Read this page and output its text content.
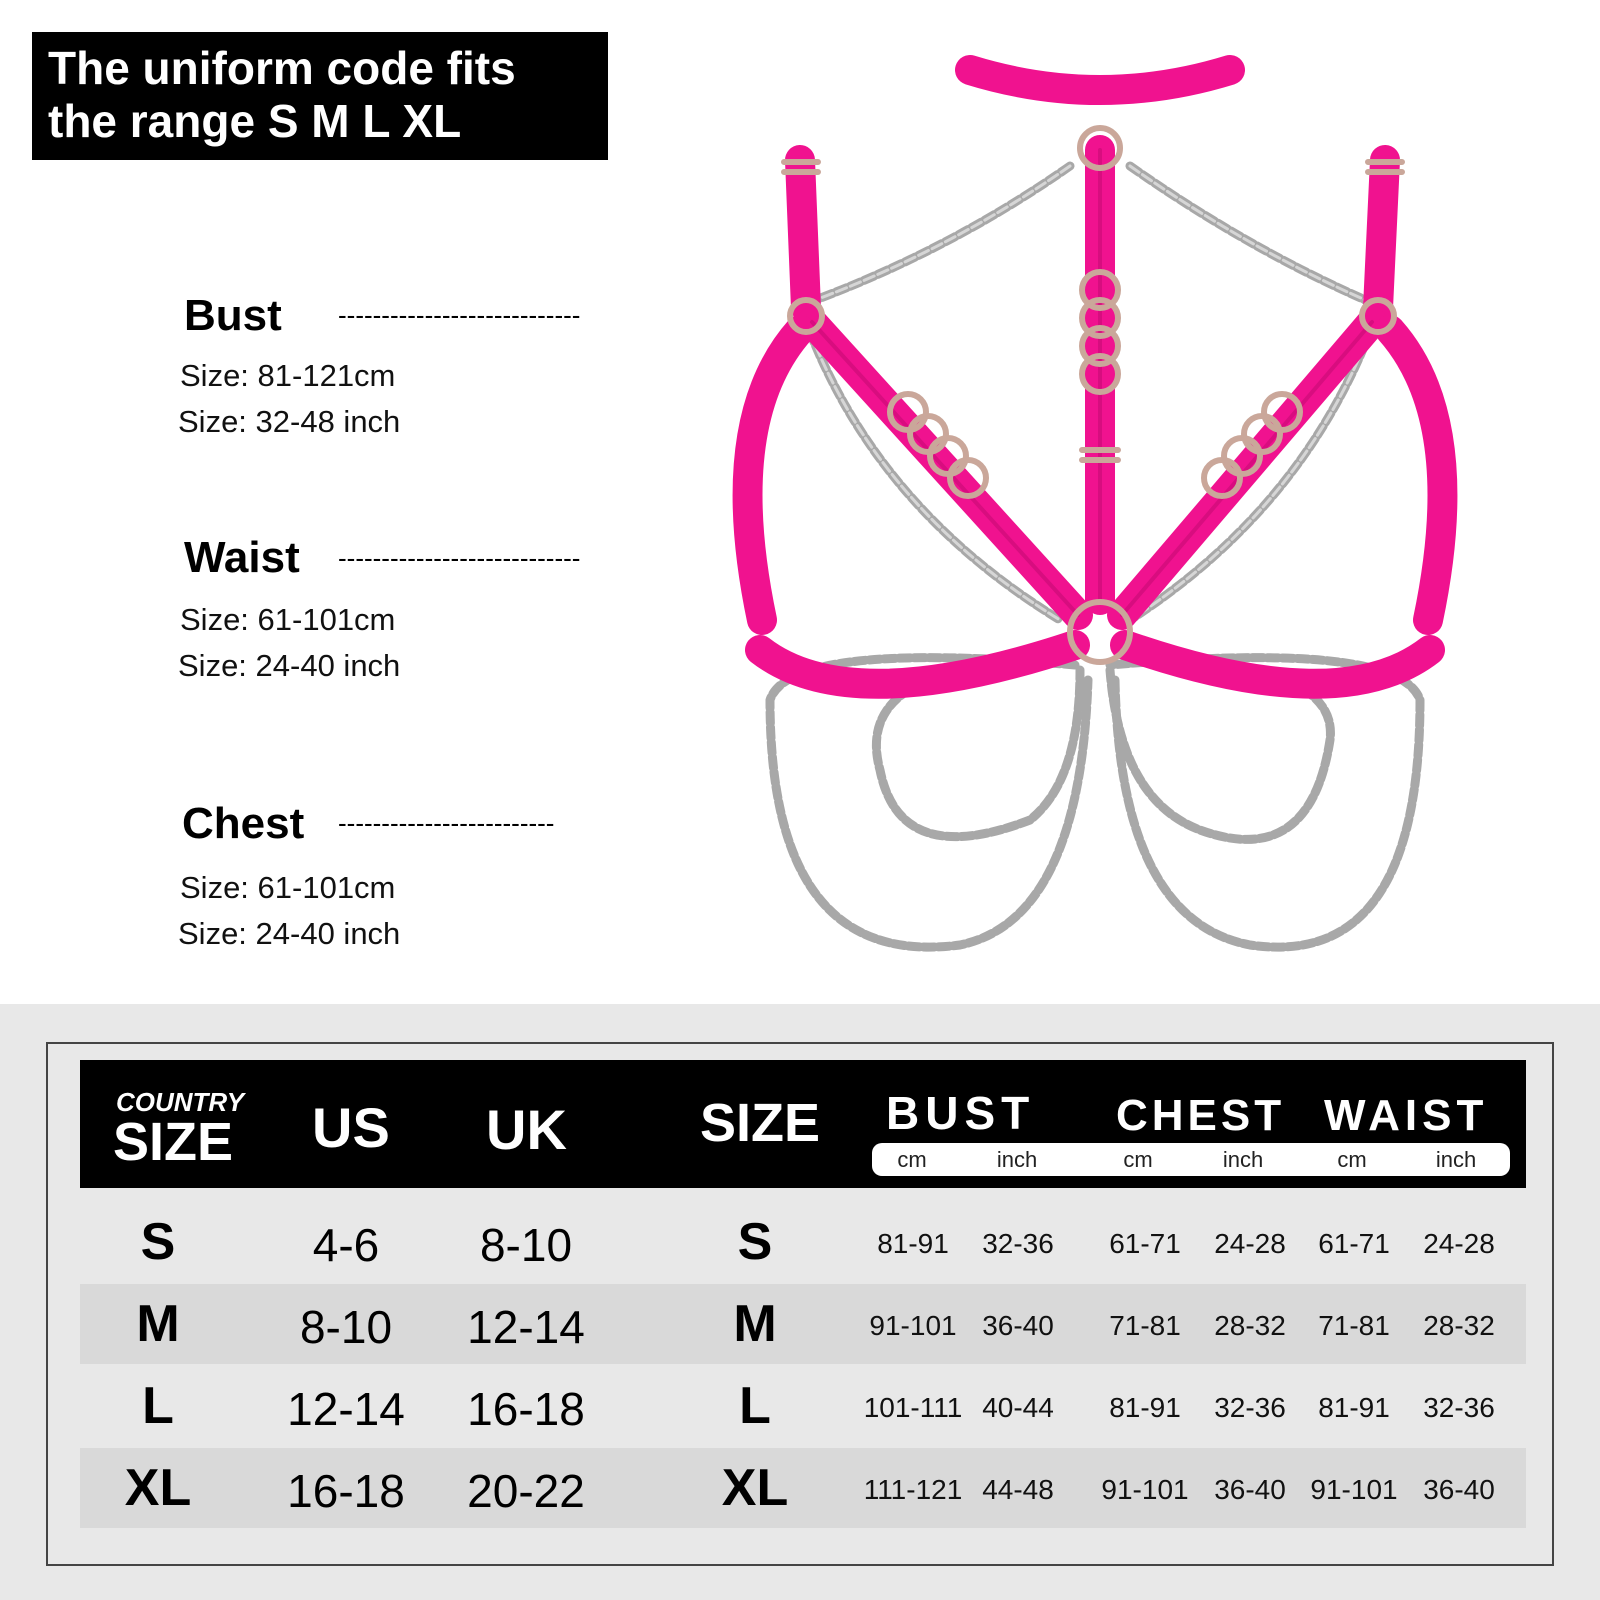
The uniform code fits
the range S M L XL
Bust ----------------------------
Size: 81-121cm
Size: 32-48 inch
Waist ----------------------------
Size: 61-101cm
Size: 24-40 inch
Chest -------------------------
Size: 61-101cm
Size: 24-40 inch
COUNTRY
SIZE US UK SIZE BUST CHEST WAIST
cm	inch	cm	inch	cm	inch
S	4-6 8-10	S	81-91 32-36 61-71 24-28 61-71 24-28
M	8-10 12-14	M	91-101 36-40 71-81 28-32 71-81 28-32
L 12-14 16-18	L	101-111 40-44 81-91 32-36 81-91 32-36
XL 16-18 20-22	XL	111-121 44-48 91-101 36-40 91-101 36-40
